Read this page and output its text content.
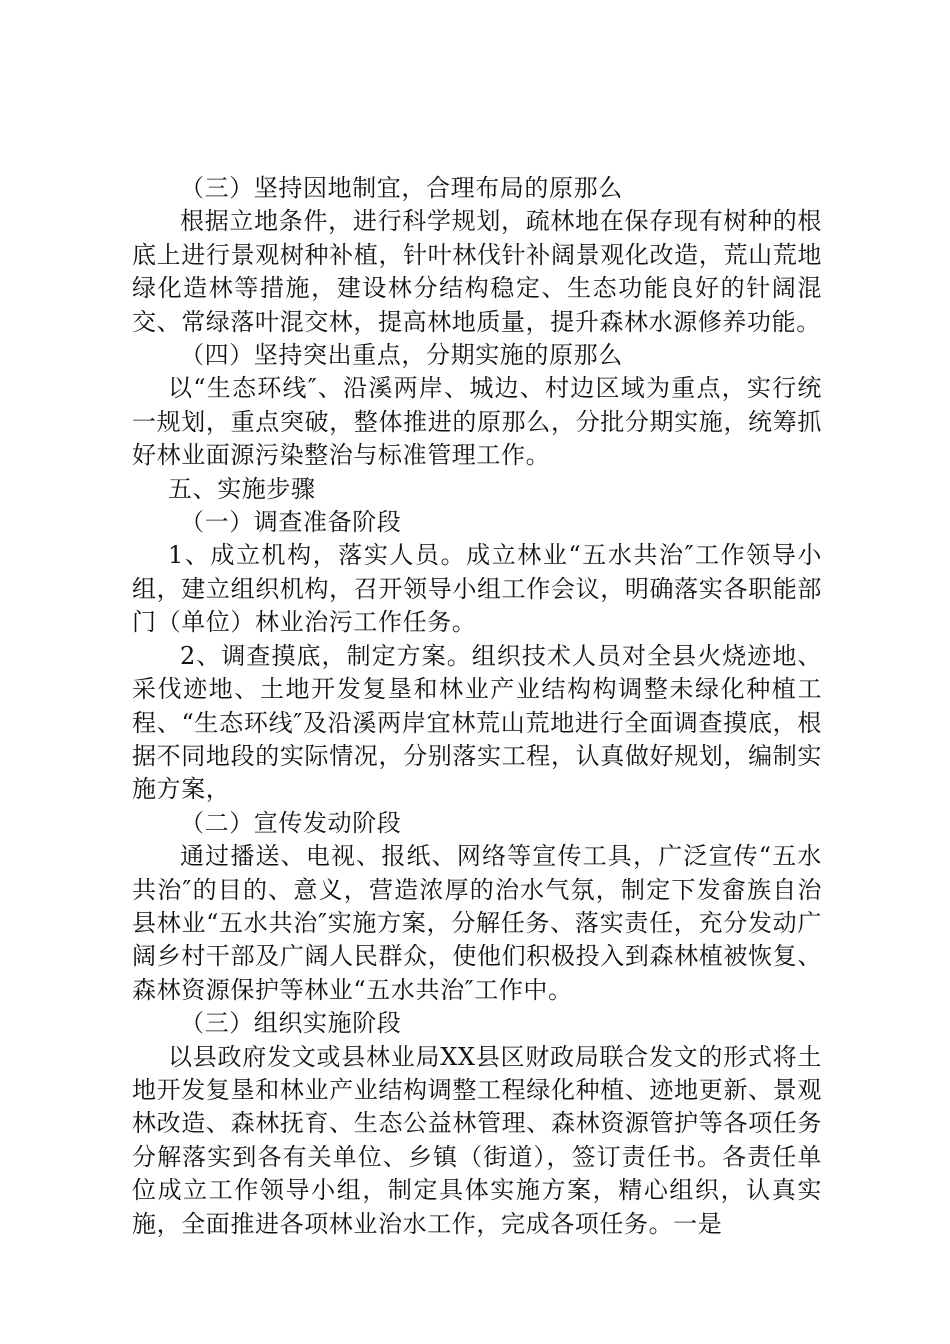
（三）坚持因地制宜，合理布局的原那么

根据立地条件，进行科学规划，疏林地在保存现有树种的根底上进行景观树种补植，针叶林伐针补阔景观化改造，荒山荒地绿化造林等措施，建设林分结构稳定、生态功能良好的针阔混交、常绿落叶混交林，提高林地质量，提升森林水源修养功能。

（四）坚持突出重点，分期实施的原那么

以“生态环线″、沿溪两岸、城边、村边区域为重点，实行统一规划，重点突破，整体推进的原那么，分批分期实施，统筹抓好林业面源污染整治与标准管理工作。

五、实施步骤

（一）调查准备阶段

1、成立机构，落实人员。成立林业“五水共治″工作领导小组，建立组织机构，召开领导小组工作会议，明确落实各职能部门（单位）林业治污工作任务。

2、调查摸底，制定方案。组织技术人员对全县火烧迹地、采伐迹地、土地开发复垦和林业产业结构构调整未绿化种植工程、“生态环线″及沿溪两岸宜林荒山荒地进行全面调查摸底，根据不同地段的实际情况，分别落实工程，认真做好规划，编制实施方案，

（二）宣传发动阶段

通过播送、电视、报纸、网络等宣传工具，广泛宣传“五水共治″的目的、意义，营造浓厚的治水气氛，制定下发畲族自治县林业“五水共治″实施方案，分解任务、落实责任，充分发动广阔乡村干部及广阔人民群众，使他们积极投入到森林植被恢复、森林资源保护等林业“五水共治″工作中。

（三）组织实施阶段

以县政府发文或县林业局XX县区财政局联合发文的形式将土地开发复垦和林业产业结构调整工程绿化种植、迹地更新、景观林改造、森林抚育、生态公益林管理、森林资源管护等各项任务分解落实到各有关单位、乡镇（街道），签订责任书。各责任单位成立工作领导小组，制定具体实施方案，精心组织，认真实施，全面推进各项林业治水工作，完成各项任务。一是
